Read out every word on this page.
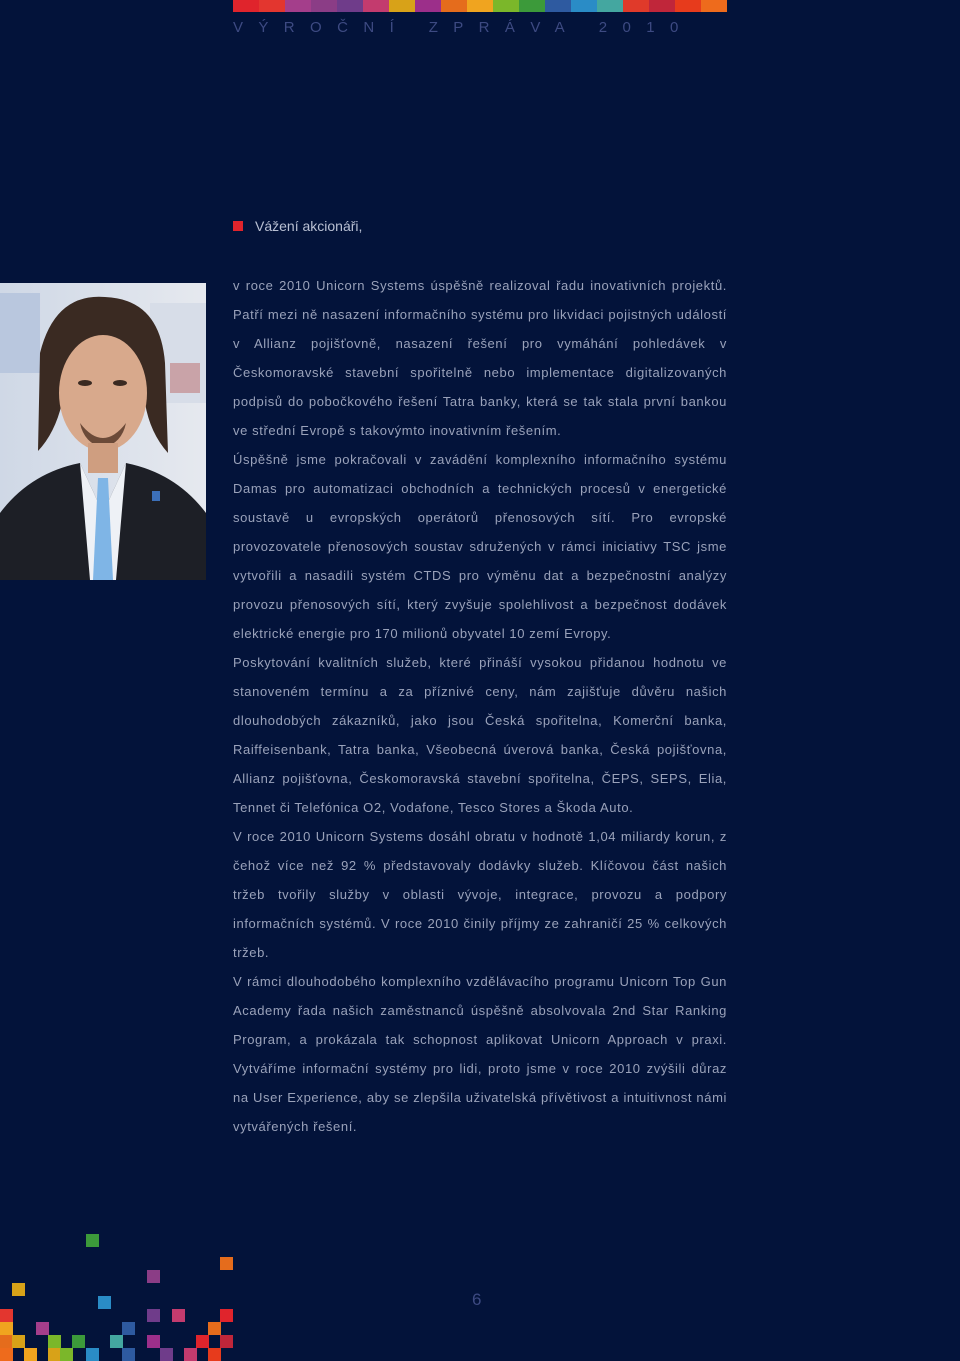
VÝROČNÍ ZPRÁVA 2010
Vážení akcionáři,

v roce 2010 Unicorn Systems úspěšně realizoval řadu inovativních projektů. Patří mezi ně nasazení informačního systému pro likvidaci pojistných událostí v Allianz pojišťovně, nasazení řešení pro vymáhání pohledávek v Českomoravské stavební spořitelně nebo implementace digitalizovaných podpisů do pobočkového řešení Tatra banky, která se tak stala první bankou ve střední Evropě s takovýmto inovativním řešením.

Úspěšně jsme pokračovali v zavádění komplexního informačního systému Damas pro automatizaci obchodních a technických procesů v energetické soustavě u evropských operátorů přenosových sítí. Pro evropské provozovatele přenosových soustav sdružených v rámci iniciativy TSC jsme vytvořili a nasadili systém CTDS pro výměnu dat a bezpečnostní analýzy provozu přenosových sítí, který zvyšuje spolehlivost a bezpečnost dodávek elektrické energie pro 170 milionů obyvatel 10 zemí Evropy.

Poskytování kvalitních služeb, které přináší vysokou přidanou hodnotu ve stanoveném termínu a za příznivé ceny, nám zajišťuje důvěru našich dlouhodobých zákazníků, jako jsou Česká spořitelna, Komerční banka, Raiffeisenbank, Tatra banka, Všeobecná úverová banka, Česká pojišťovna, Allianz pojišťovna, Českomoravská stavební spořitelna, ČEPS, SEPS, Elia, Tennet či Telefónica O2, Vodafone, Tesco Stores a Škoda Auto.

V roce 2010 Unicorn Systems dosáhl obratu v hodnotě 1,04 miliardy korun, z čehož více než 92 % představovaly dodávky služeb. Klíčovou část našich tržeb tvořily služby v oblasti vývoje, integrace, provozu a podpory informačních systémů. V roce 2010 činily příjmy ze zahraničí 25 % celkových tržeb.

V rámci dlouhodobého komplexního vzdělávacího programu Unicorn Top Gun Academy řada našich zaměstnanců úspěšně absolvovala 2nd Star Ranking Program, a prokázala tak schopnost aplikovat Unicorn Approach v praxi. Vytváříme informační systémy pro lidi, proto jsme v roce 2010 zvýšili důraz na User Experience, aby se zlepšila uživatelská přívětivost a intuitivnost námi vytvářených řešení.

6
